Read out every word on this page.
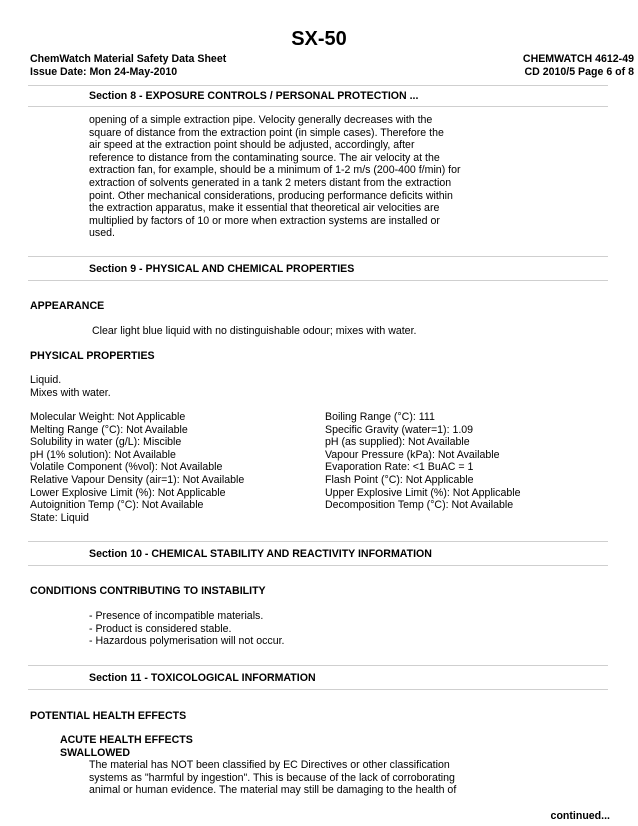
SX-50
ChemWatch Material Safety Data Sheet
Issue Date: Mon 24-May-2010
CHEMWATCH 4612-49
CD 2010/5 Page 6 of 8
Section 8 - EXPOSURE CONTROLS / PERSONAL PROTECTION ...
opening of a simple extraction pipe. Velocity generally decreases with the
square of distance from the extraction point (in simple cases). Therefore the
air speed at the extraction point should be adjusted, accordingly, after
reference to distance from the contaminating source. The air velocity at the
extraction fan, for example, should be a minimum of 1-2 m/s (200-400 f/min) for
extraction of solvents generated in a tank 2 meters distant from the extraction
point. Other mechanical considerations, producing performance deficits within
the extraction apparatus, make it essential that theoretical air velocities are
multiplied by factors of 10 or more when extraction systems are installed or
used.
Section 9 - PHYSICAL AND CHEMICAL PROPERTIES
APPEARANCE
Clear light blue liquid with no distinguishable odour; mixes with water.
PHYSICAL PROPERTIES
Liquid.
Mixes with water.
Molecular Weight: Not Applicable
Melting Range (°C): Not Available
Solubility in water (g/L): Miscible
pH (1% solution): Not Available
Volatile Component (%vol): Not Available
Relative Vapour Density (air=1): Not Available
Lower Explosive Limit (%): Not Applicable
Autoignition Temp (°C): Not Available
State: Liquid
Boiling Range (°C): 111
Specific Gravity (water=1): 1.09
pH (as supplied): Not Available
Vapour Pressure (kPa): Not Available
Evaporation Rate: <1 BuAC = 1
Flash Point (°C): Not Applicable
Upper Explosive Limit (%): Not Applicable
Decomposition Temp (°C): Not Available
Section 10 - CHEMICAL STABILITY AND REACTIVITY INFORMATION
CONDITIONS CONTRIBUTING TO INSTABILITY
- Presence of incompatible materials.
- Product is considered stable.
- Hazardous polymerisation will not occur.
Section 11 - TOXICOLOGICAL INFORMATION
POTENTIAL HEALTH EFFECTS
ACUTE HEALTH EFFECTS
SWALLOWED
The material has NOT been classified by EC Directives or other classification
systems as "harmful by ingestion". This is because of the lack of corroborating
animal or human evidence. The material may still be damaging to the health of
continued...
